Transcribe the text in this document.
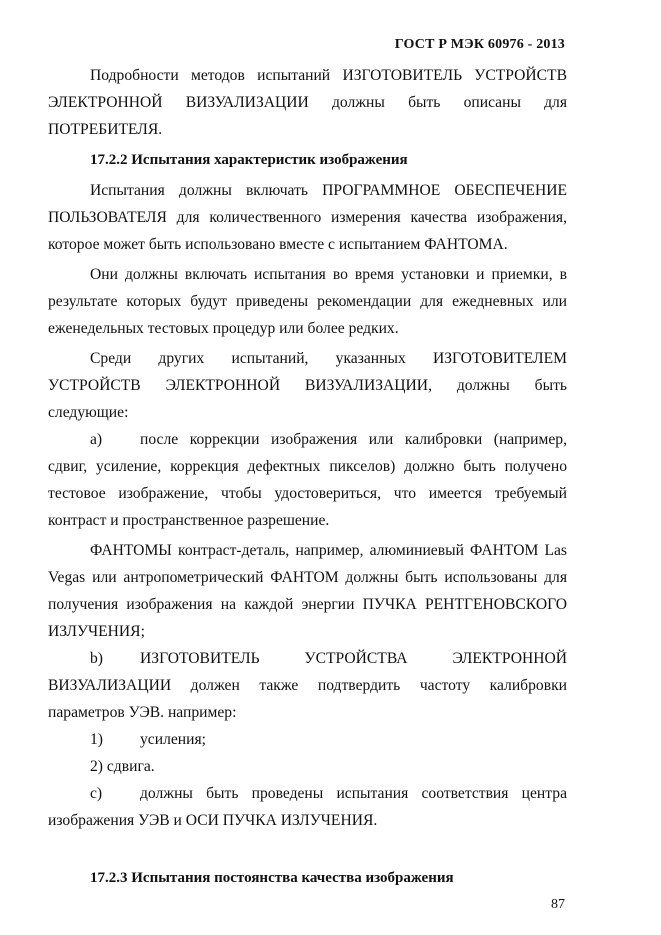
ГОСТ Р МЭК 60976 - 2013

Подробности методов испытаний ИЗГОТОВИТЕЛЬ УСТРОЙСТВ ЭЛЕКТРОННОЙ ВИЗУАЛИЗАЦИИ должны быть описаны для ПОТРЕБИТЕЛЯ.

17.2.2 Испытания характеристик изображения

Испытания должны включать ПРОГРАММНОЕ ОБЕСПЕЧЕНИЕ ПОЛЬЗОВАТЕЛЯ для количественного измерения качества изображения, которое может быть использовано вместе с испытанием ФАНТОМА.

Они должны включать испытания во время установки и приемки, в результате которых будут приведены рекомендации для ежедневных или еженедельных тестовых процедур или более редких.

Среди других испытаний, указанных ИЗГОТОВИТЕЛЕМ УСТРОЙСТВ ЭЛЕКТРОННОЙ ВИЗУАЛИЗАЦИИ, должны быть следующие:

a) после коррекции изображения или калибровки (например, сдвиг, усиление, коррекция дефектных пикселов) должно быть получено тестовое изображение, чтобы удостовериться, что имеется требуемый контраст и пространственное разрешение.

ФАНТОМЫ контраст-деталь, например, алюминиевый ФАНТОМ Las Vegas или антропометрический ФАНТОМ должны быть использованы для получения изображения на каждой энергии ПУЧКА РЕНТГЕНОВСКОГО ИЗЛУЧЕНИЯ;

b) ИЗГОТОВИТЕЛЬ УСТРОЙСТВА ЭЛЕКТРОННОЙ ВИЗУАЛИЗАЦИИ должен также подтвердить частоту калибровки параметров УЭВ. например:

1) усиления;

2) сдвига.

c) должны быть проведены испытания соответствия центра изображения УЭВ и ОСИ ПУЧКА ИЗЛУЧЕНИЯ.

17.2.3 Испытания постоянства качества изображения
87
